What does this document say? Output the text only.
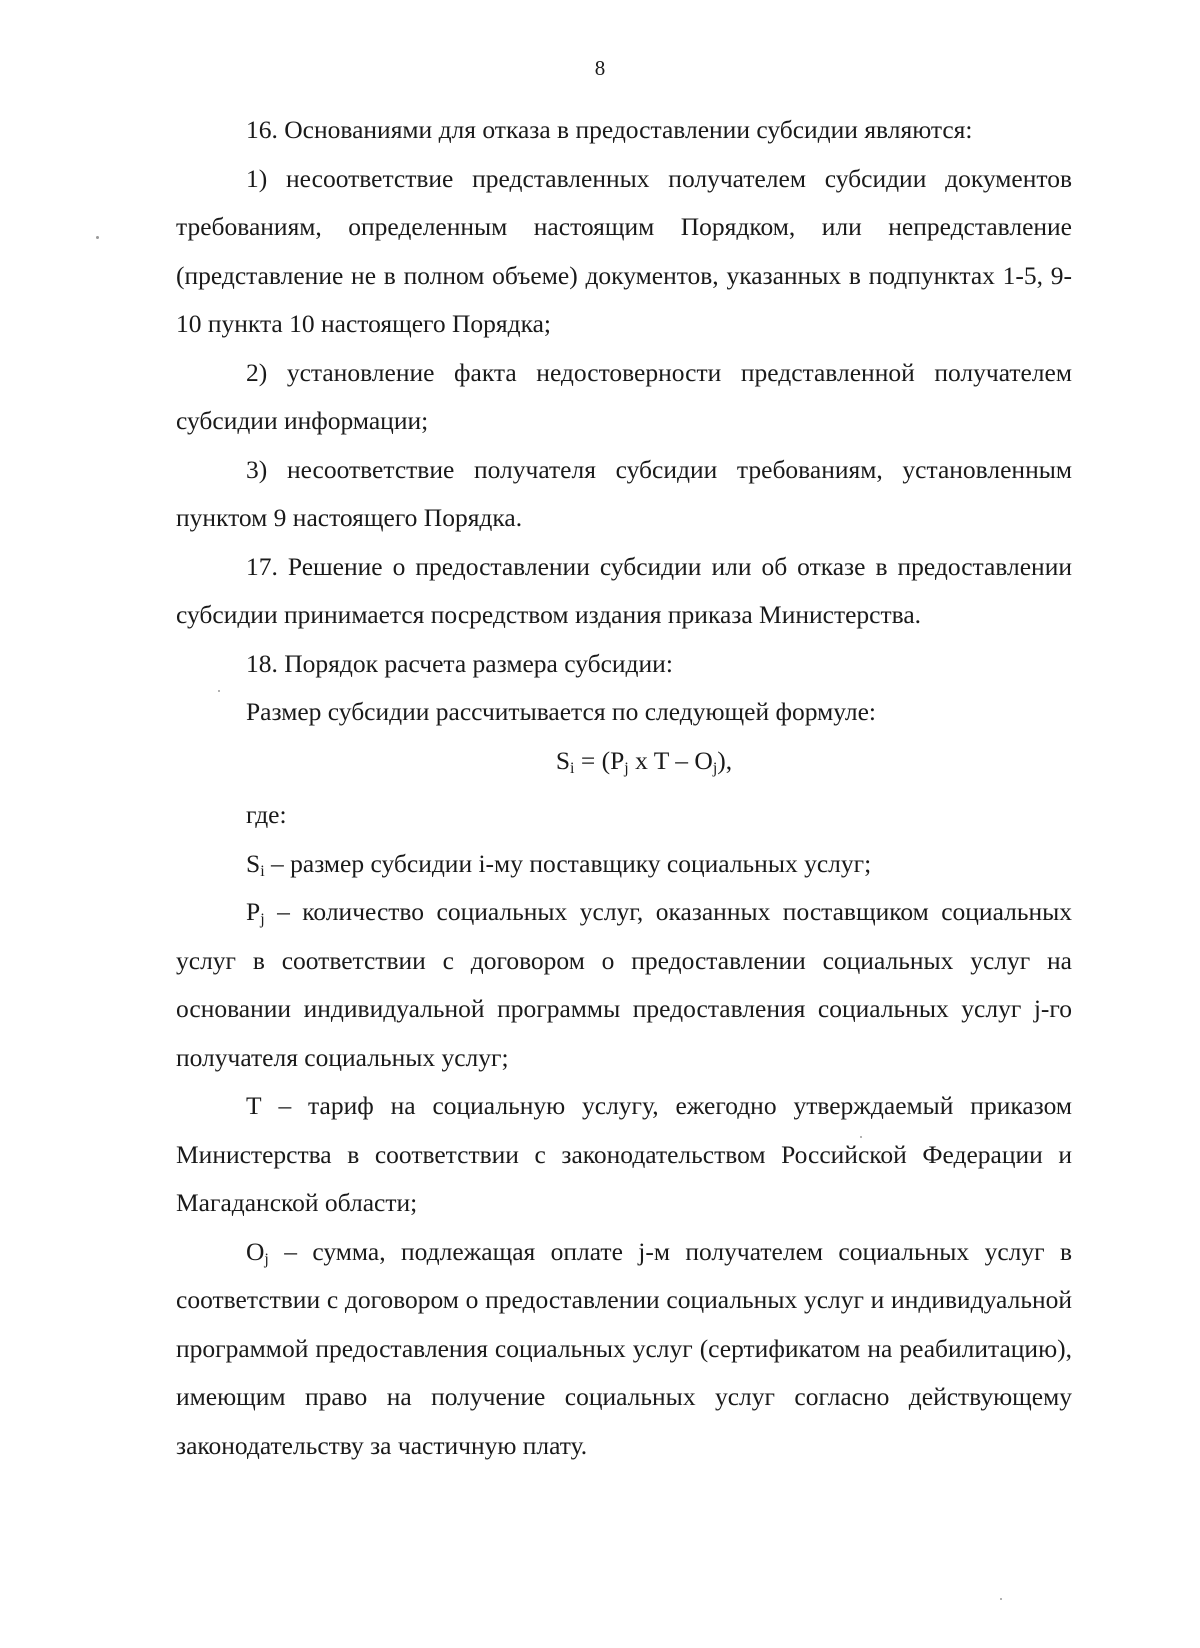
8

16. Основаниями для отказа в предоставлении субсидии являются:

1) несоответствие представленных получателем субсидии документов требованиям, определенным настоящим Порядком, или непредставление (представление не в полном объеме) документов, указанных в подпунктах 1-5, 9-10 пункта 10 настоящего Порядка;

2) установление факта недостоверности представленной получателем субсидии информации;

3) несоответствие получателя субсидии требованиям, установленным пунктом 9 настоящего Порядка.

17. Решение о предоставлении субсидии или об отказе в предоставлении субсидии принимается посредством издания приказа Министерства.

18. Порядок расчета размера субсидии:

Размер субсидии рассчитывается по следующей формуле:

$S_i = (P_j$ x T – $O_j$),

где:

$S_i$ – размер субсидии i-му поставщику социальных услуг;

$P_j$ – количество социальных услуг, оказанных поставщиком социальных услуг в соответствии с договором о предоставлении социальных услуг на основании индивидуальной программы предоставления социальных услуг j-го получателя социальных услуг;

Т – тариф на социальную услугу, ежегодно утверждаемый приказом Министерства в соответствии с законодательством Российской Федерации и Магаданской области;

$O_j$ – сумма, подлежащая оплате j-м получателем социальных услуг в соответствии с договором о предоставлении социальных услуг и индивидуальной программой предоставления социальных услуг (сертификатом на реабилитацию), имеющим право на получение социальных услуг согласно действующему законодательству за частичную плату.
